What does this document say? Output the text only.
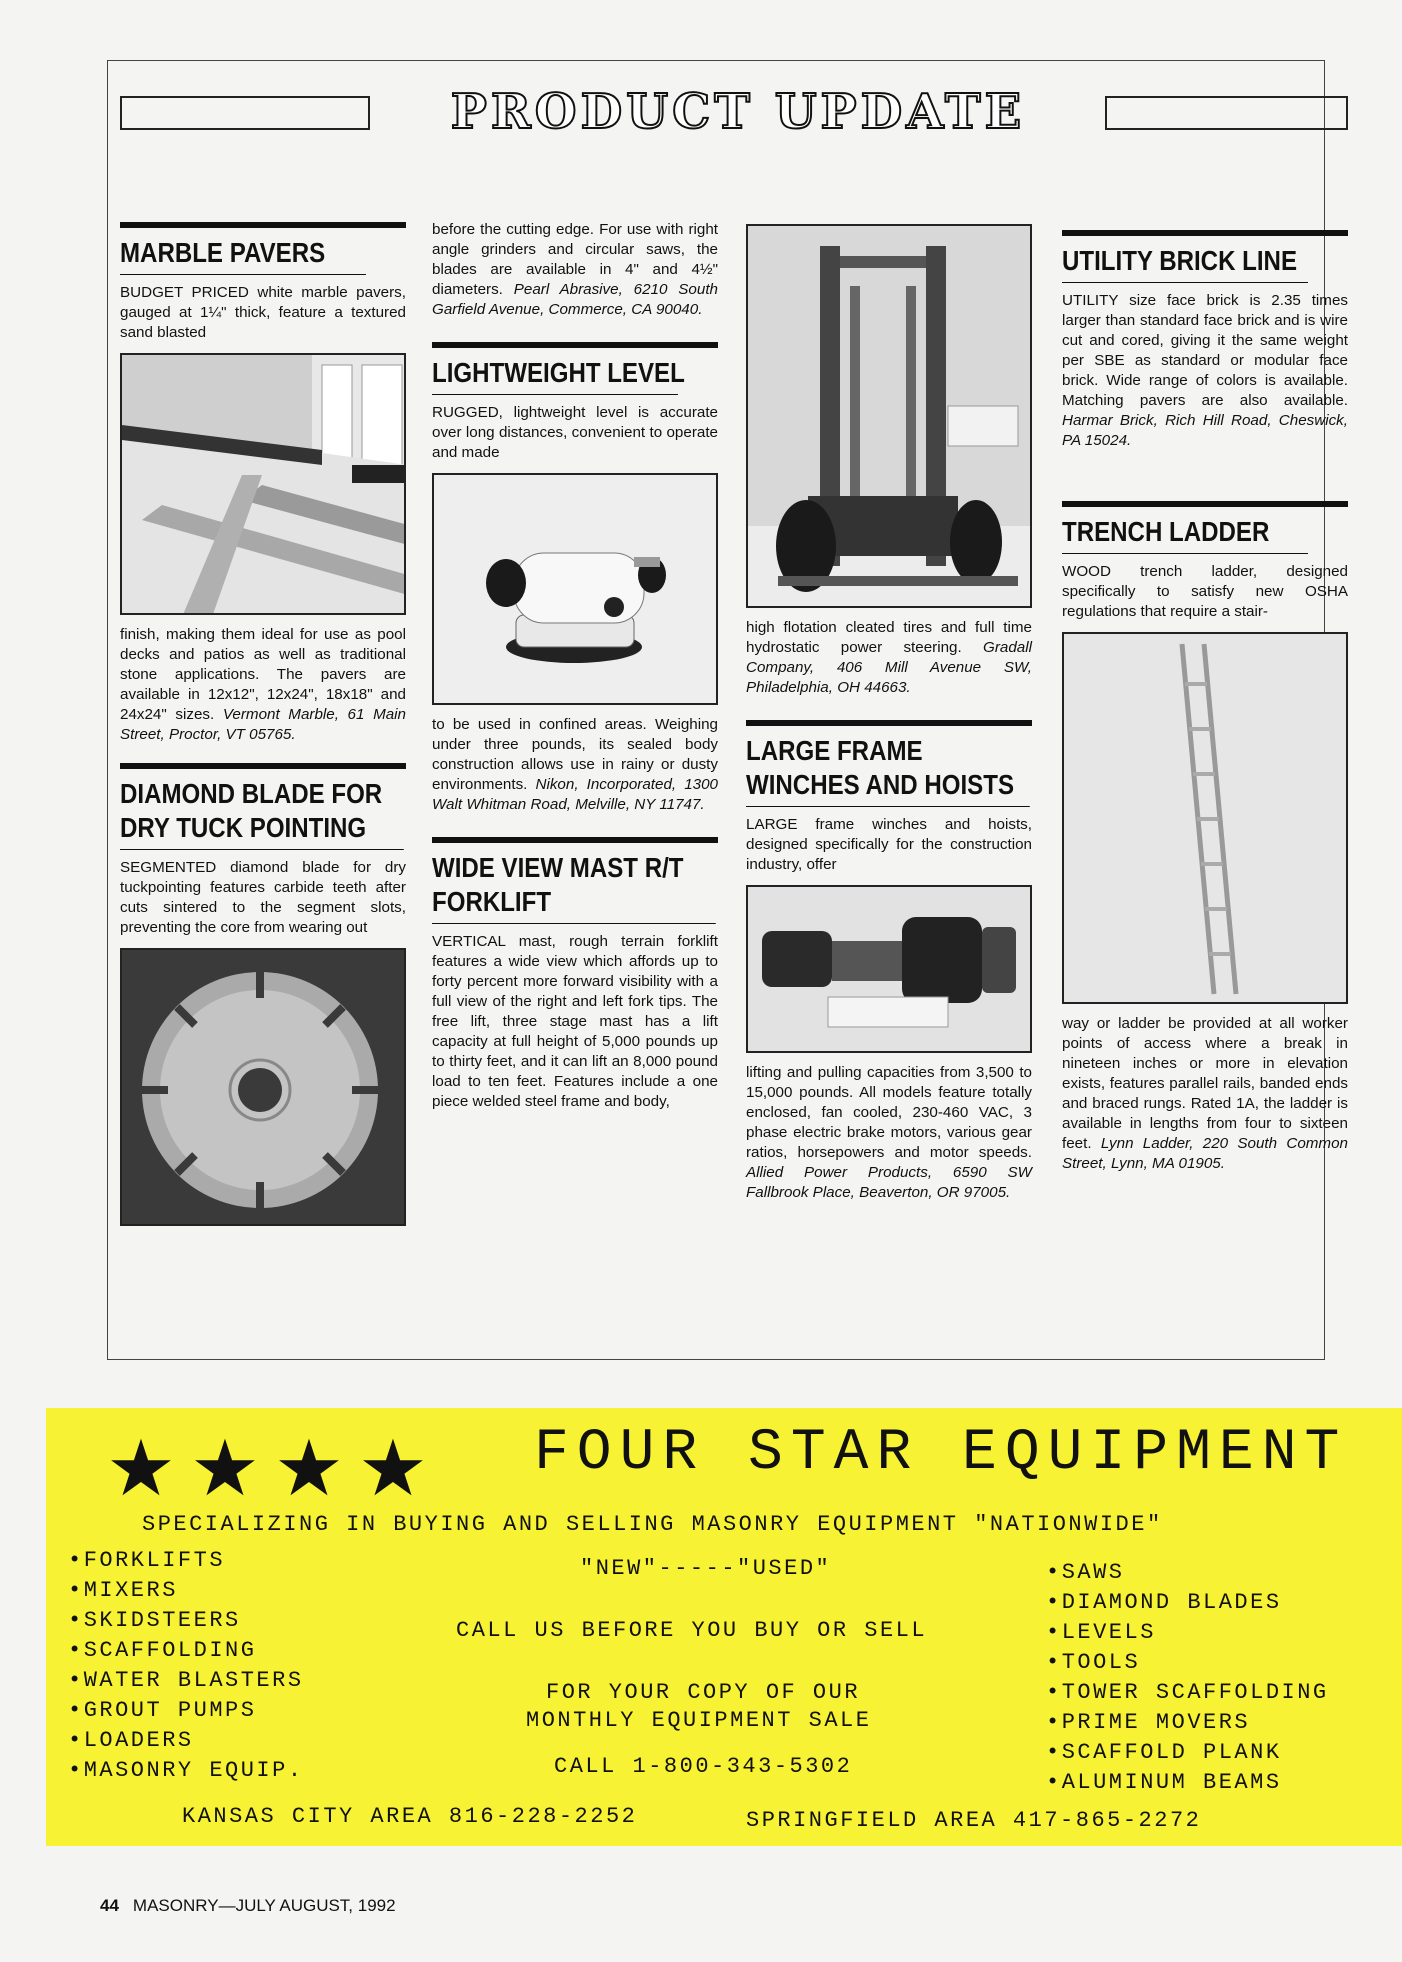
PRODUCT UPDATE
MARBLE PAVERS

BUDGET PRICED white marble pavers, gauged at 1¼" thick, feature a textured sand blasted

finish, making them ideal for use as pool decks and patios as well as traditional stone applications. The pavers are available in 12x12", 12x24", 18x18" and 24x24" sizes. Vermont Marble, 61 Main Street, Proctor, VT 05765.

DIAMOND BLADE FOR DRY TUCK POINTING

SEGMENTED diamond blade for dry tuckpointing features carbide teeth after cuts sintered to the segment slots, preventing the core from wearing out

before the cutting edge. For use with right angle grinders and circular saws, the blades are available in 4" and 4½" diameters. Pearl Abrasive, 6210 South Garfield Avenue, Commerce, CA 90040.

LIGHTWEIGHT LEVEL

RUGGED, lightweight level is accurate over long distances, convenient to operate and made

to be used in confined areas. Weighing under three pounds, its sealed body construction allows use in rainy or dusty environments. Nikon, Incorporated, 1300 Walt Whitman Road, Melville, NY 11747.

WIDE VIEW MAST R/T FORKLIFT

VERTICAL mast, rough terrain forklift features a wide view which affords up to forty percent more forward visibility with a full view of the right and left fork tips. The free lift, three stage mast has a lift capacity at full height of 5,000 pounds up to thirty feet, and it can lift an 8,000 pound load to ten feet. Features include a one piece welded steel frame and body,

high flotation cleated tires and full time hydrostatic power steering. Gradall Company, 406 Mill Avenue SW, Philadelphia, OH 44663.

LARGE FRAME WINCHES AND HOISTS

LARGE frame winches and hoists, designed specifically for the construction industry, offer

lifting and pulling capacities from 3,500 to 15,000 pounds. All models feature totally enclosed, fan cooled, 230-460 VAC, 3 phase electric brake motors, various gear ratios, horsepowers and motor speeds. Allied Power Products, 6590 SW Fallbrook Place, Beaverton, OR 97005.

UTILITY BRICK LINE

UTILITY size face brick is 2.35 times larger than standard face brick and is wire cut and cored, giving it the same weight per SBE as standard or modular face brick. Wide range of colors is available. Matching pavers are also available. Harmar Brick, Rich Hill Road, Cheswick, PA 15024.

TRENCH LADDER

WOOD trench ladder, designed specifically to satisfy new OSHA regulations that require a stair-

way or ladder be provided at all worker points of access where a break in nineteen inches or more in elevation exists, features parallel rails, banded ends and braced rungs. Rated 1A, the ladder is available in lengths from four to sixteen feet. Lynn Ladder, 220 South Common Street, Lynn, MA 01905.

★ ★ ★ ★ FOUR STAR EQUIPMENT
SPECIALIZING IN BUYING AND SELLING MASONRY EQUIPMENT "NATIONWIDE"
•FORKLIFTS
•MIXERS
•SKIDSTEERS
•SCAFFOLDING
•WATER BLASTERS
•GROUT PUMPS
•LOADERS
•MASONRY EQUIP.
•SAWS
•DIAMOND BLADES
•LEVELS
•TOOLS
•TOWER SCAFFOLDING
•PRIME MOVERS
•SCAFFOLD PLANK
•ALUMINUM BEAMS
"NEW"-----"USED"
CALL US BEFORE YOU BUY OR SELL
FOR YOUR COPY OF OUR
MONTHLY EQUIPMENT SALE
CALL 1-800-343-5302
KANSAS CITY AREA 816-228-2252	SPRINGFIELD AREA 417-865-2272
44 MASONRY—JULY AUGUST, 1992
